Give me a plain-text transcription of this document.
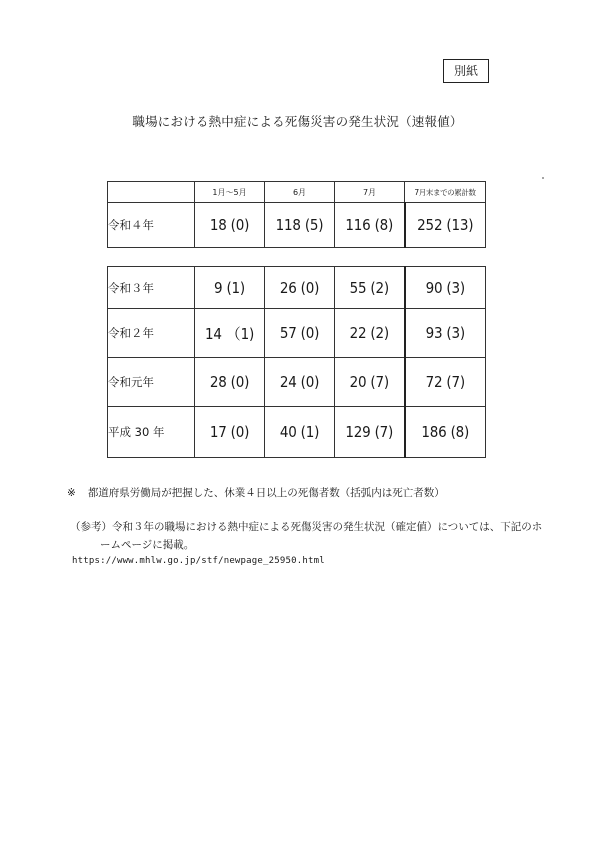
別紙
職場における熱中症による死傷災害の発生状況（速報値）
	1月～5月	6月	7月	7月末までの累計数
令和４年	18 (0)	118 (5)	116 (8)	252 (13)
令和３年	9 (1)	26 (0)	55 (2)	90 (3)
令和２年	14 （1)	57 (0)	22 (2)	93 (3)
令和元年	28 (0)	24 (0)	20 (7)	72 (7)
平成 30 年	17 (0)	40 (1)	129 (7)	186 (8)
※ 都道府県労働局が把握した、休業４日以上の死傷者数（括弧内は死亡者数）
（参考）令和３年の職場における熱中症による死傷災害の発生状況（確定値）については、下記のホ
ームページに掲載。
https://www.mhlw.go.jp/stf/newpage_25950.html
